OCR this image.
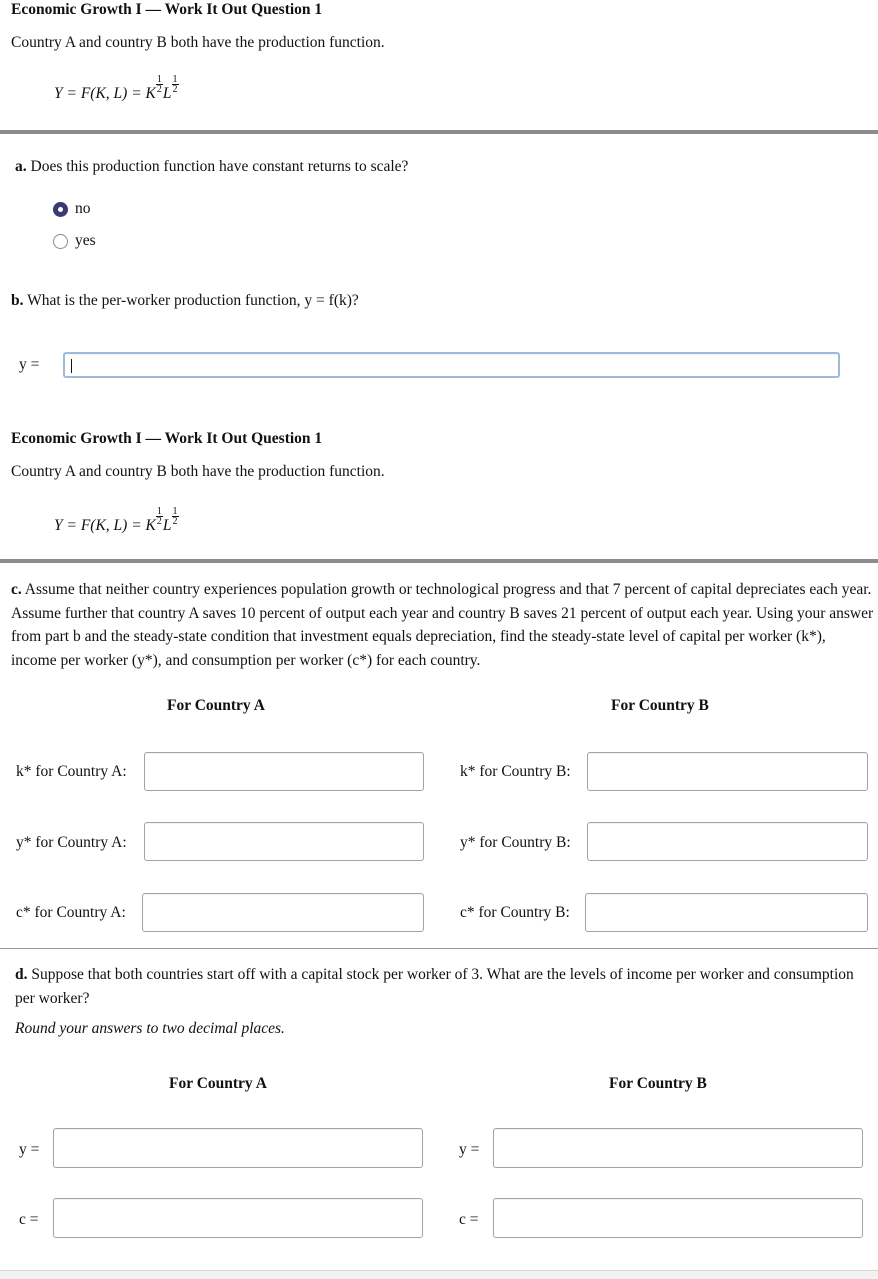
Economic Growth I — Work It Out Question 1
Country A and country B both have the production function.
Y = F(K, L) = K $\frac{1}{2}$ L $\frac{1}{2}$
a. Does this production function have constant returns to scale?
no
yes
b. What is the per-worker production function, y = f(k)?
y =
Economic Growth I — Work It Out Question 1
Country A and country B both have the production function.
Y = F(K, L) = K $\frac{1}{2}$ L $\frac{1}{2}$
c. Assume that neither country experiences population growth or technological progress and that 7 percent of capital depreciates each year. Assume further that country A saves 10 percent of output each year and country B saves 21 percent of output each year. Using your answer from part b and the steady-state condition that investment equals depreciation, find the steady-state level of capital per worker (k*), income per worker (y*), and consumption per worker (c*) for each country.
For Country A	For Country B
k* for Country A:	k* for Country B:
y* for Country A:	y* for Country B:
c* for Country A:	c* for Country B:
d. Suppose that both countries start off with a capital stock per worker of 3. What are the levels of income per worker and consumption per worker?
Round your answers to two decimal places.
For Country A	For Country B
y =	y =
c =	c =
